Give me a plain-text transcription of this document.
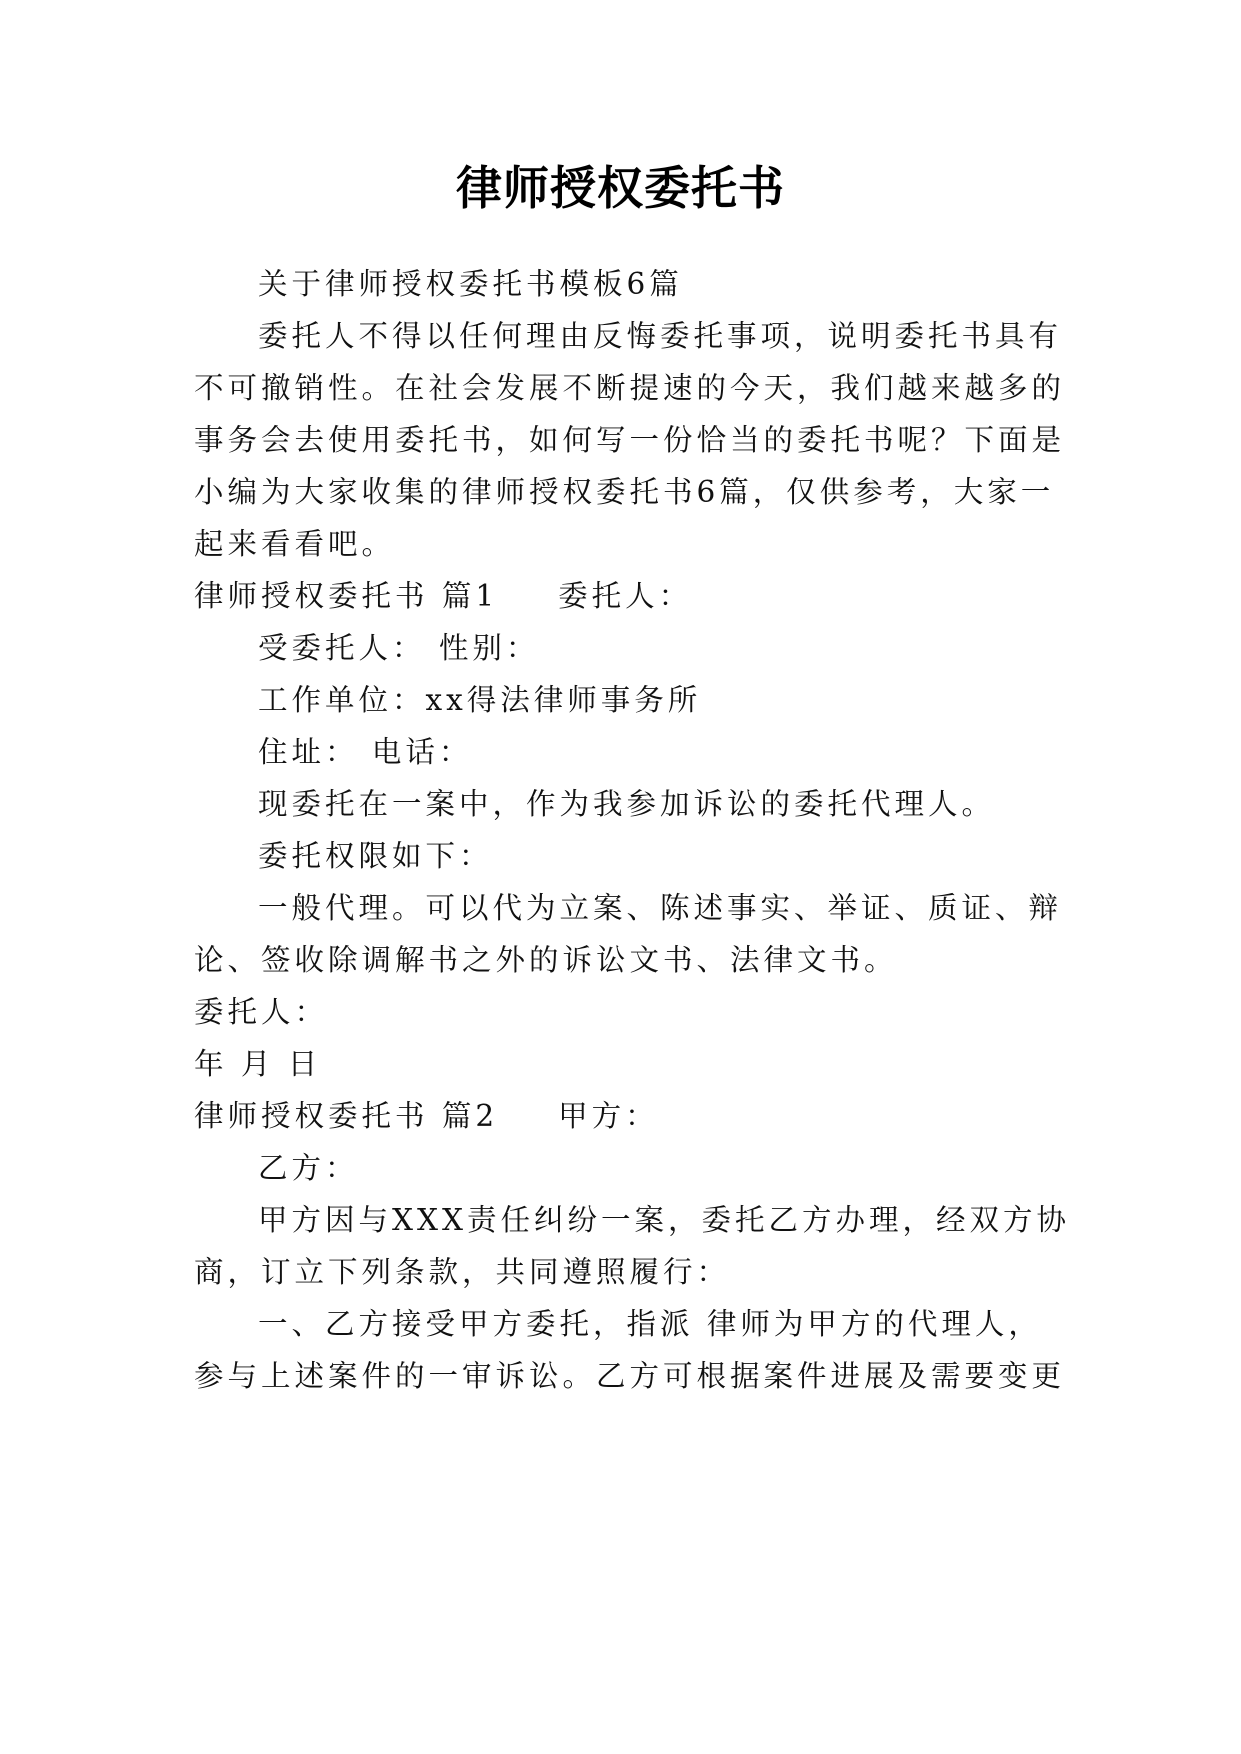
律师授权委托书
关于律师授权委托书模板6篇
委托人不得以任何理由反悔委托事项，说明委托书具有
不可撤销性。在社会发展不断提速的今天，我们越来越多的
事务会去使用委托书，如何写一份恰当的委托书呢？下面是
小编为大家收集的律师授权委托书6篇，仅供参考，大家一
起来看看吧。
律师授权委托书 篇1 委托人：
受委托人： 性别：
工作单位：xx得法律师事务所
住址： 电话：
现委托在一案中，作为我参加诉讼的委托代理人。
委托权限如下：
一般代理。可以代为立案、陈述事实、举证、质证、辩
论、签收除调解书之外的诉讼文书、法律文书。
委托人：
年 月 日
律师授权委托书 篇2 甲方：
乙方：
甲方因与XXX责任纠纷一案，委托乙方办理，经双方协
商，订立下列条款，共同遵照履行：
一、乙方接受甲方委托，指派 律师为甲方的代理人，
参与上述案件的一审诉讼。乙方可根据案件进展及需要变更
